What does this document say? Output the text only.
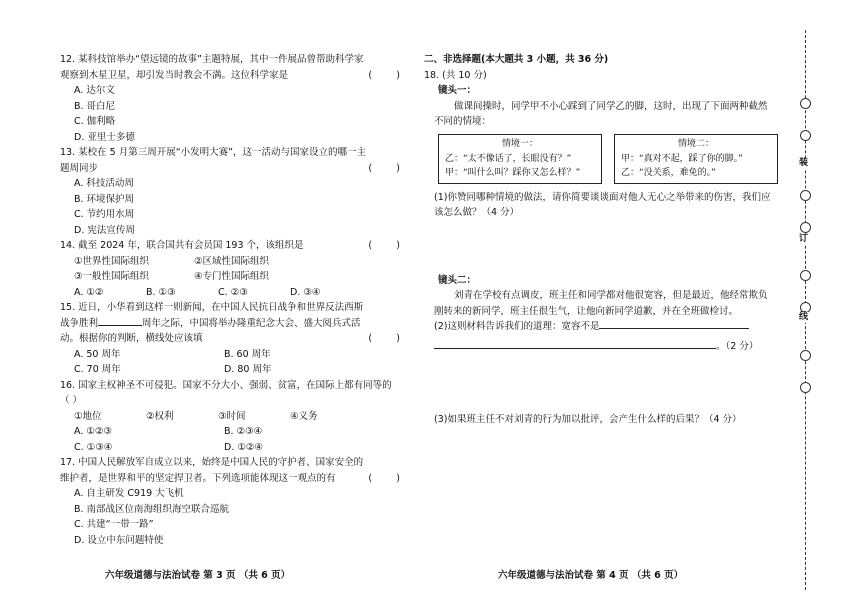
12. 某科技馆举办“望远镜的故事”主题特展，其中一件展品曾帮助科学家观察到木星卫星，却引发当时教会不满。这位科学家是	(        )
A. 达尔文
B. 哥白尼
C. 伽利略
D. 亚里士多德
13. 某校在 5 月第三周开展“小发明大赛”，这一活动与国家设立的哪一主题周同步	(        )
A. 科技活动周
B. 环境保护周
C. 节约用水周
D. 宪法宣传周
14. 截至 2024 年，联合国共有会员国 193 个，该组织是	(        )
①世界性国际组织	②区域性国际组织
③一般性国际组织	④专门性国际组织
A. ①②	B. ①③	C. ②③	D. ③④
15. 近日，小华看到这样一则新闻，在中国人民抗日战争和世界反法西斯战争胜利	周年之际，中国将举办隆重纪念大会、盛大阅兵式活动。根据你的判断，横线处应该填	(        )
A. 50 周年	B. 60 周年
C. 70 周年	D. 80 周年
16. 国家主权神圣不可侵犯。国家不分大小、强弱、贫富，在国际上都有同等的（ ）
①地位	②权利	③时间	④义务
A. ①②③	B. ②③④
C. ①③④	D. ①②④
17. 中国人民解放军自成立以来，始终是中国人民的守护者、国家安全的维护者，是世界和平的坚定捍卫者。下列选项能体现这一观点的有	(        )
A. 自主研发 C919 大飞机
B. 南部战区位南海组织海空联合巡航
C. 共建“一带一路”
D. 设立中东问题特使
六年级道德与法治试卷 第 3 页 （共 6 页）
二、非选择题(本大题共 3 小题，共 36 分)
18. (共 10 分)
镜头一：
做课间操时，同学甲不小心踩到了同学乙的脚，这时，出现了下面两种截然不同的情境：
情境一：
乙：“太不像话了，长眼没有？”
甲：“叫什么叫？踩你又怎么样？”
情境二：
甲：“真对不起，踩了你的脚。”
乙：“没关系，难免的。”
(1)你赞同哪种情境的做法，请你简要谈谈面对他人无心之举带来的伤害，我们应该怎么做？（4 分）
镜头二：
刘青在学校有点调皮，班主任和同学都对他很宽容，但是最近，他经常欺负刚转来的新同学，班主任很生气，让他向新同学道歉，并在全班做检讨。
(2)这则材料告诉我们的道理：宽容不是
。（2 分）
(3)如果班主任不对刘青的行为加以批评，会产生什么样的后果？（4 分）
六年级道德与法治试卷 第 4 页 （共 6 页）
装
订
线
